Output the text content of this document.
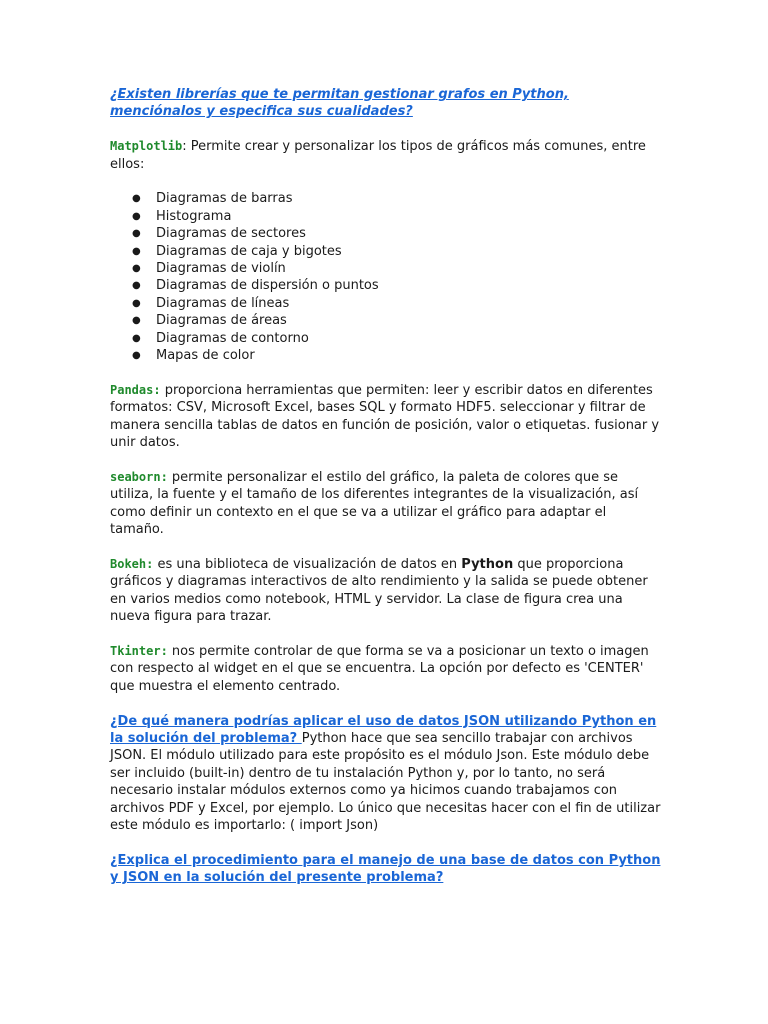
¿Existen librerías que te permitan gestionar grafos en Python, menciónalos y especifica sus cualidades?

Matplotlib: Permite crear y personalizar los tipos de gráficos más comunes, entre ellos:

● Diagramas de barras
● Histograma
● Diagramas de sectores
● Diagramas de caja y bigotes
● Diagramas de violín
● Diagramas de dispersión o puntos
● Diagramas de líneas
● Diagramas de áreas
● Diagramas de contorno
● Mapas de color

Pandas: proporciona herramientas que permiten: leer y escribir datos en diferentes formatos: CSV, Microsoft Excel, bases SQL y formato HDF5. seleccionar y filtrar de manera sencilla tablas de datos en función de posición, valor o etiquetas. fusionar y unir datos.

seaborn: permite personalizar el estilo del gráfico, la paleta de colores que se utiliza, la fuente y el tamaño de los diferentes integrantes de la visualización, así como definir un contexto en el que se va a utilizar el gráfico para adaptar el tamaño.

Bokeh: es una biblioteca de visualización de datos en Python que proporciona gráficos y diagramas interactivos de alto rendimiento y la salida se puede obtener en varios medios como notebook, HTML y servidor. La clase de figura crea una nueva figura para trazar.

Tkinter: nos permite controlar de que forma se va a posicionar un texto o imagen con respecto al widget en el que se encuentra. La opción por defecto es 'CENTER' que muestra el elemento centrado.

¿De qué manera podrías aplicar el uso de datos JSON utilizando Python en la solución del problema? Python hace que sea sencillo trabajar con archivos JSON. El módulo utilizado para este propósito es el módulo Json. Este módulo debe ser incluido (built-in) dentro de tu instalación Python y, por lo tanto, no será necesario instalar módulos externos como ya hicimos cuando trabajamos con archivos PDF y Excel, por ejemplo. Lo único que necesitas hacer con el fin de utilizar este módulo es importarlo: ( import Json)

¿Explica el procedimiento para el manejo de una base de datos con Python y JSON en la solución del presente problema?
